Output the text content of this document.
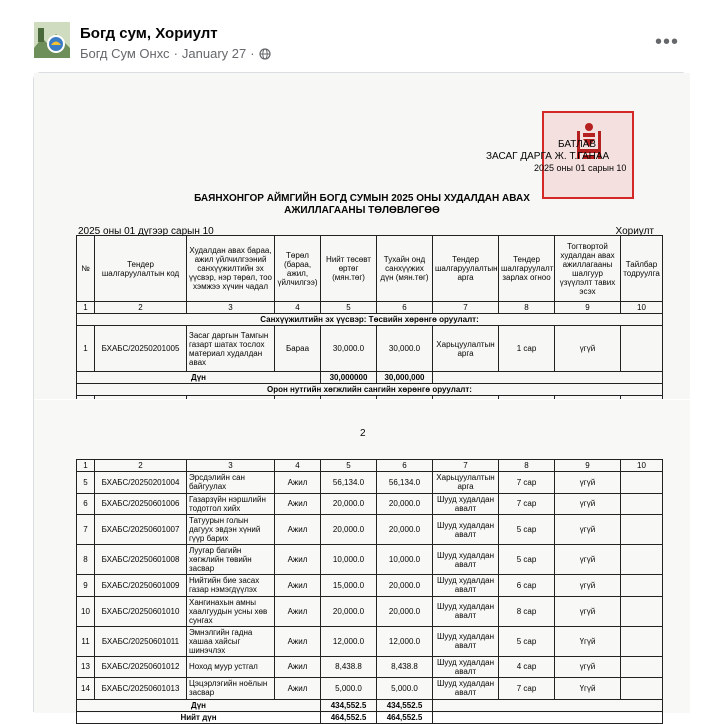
Богд сум, Хориулт
Богд Сум Онхс · January 27 ·
•••
БАТЛАВ
ЗАСАГ ДАРГА Ж. Т.ГАНАА
2025 оны 01 сарын 10
БАЯНХОНГОР АЙМГИЙН БОГД СУМЫН 2025 ОНЫ ХУДАЛДАН АВАХ
АЖИЛЛАГААНЫ ТӨЛӨВЛӨГӨӨ
2025 оны 01 дүгээр сарын 10	Хориулт
№	Тендер шалгаруулалтын код	Худалдан авах бараа, ажил үйлчилгээний санхүүжилтийн эх үүсвэр, нэр төрөл, тоо хэмжээ хүчин чадал	Төрөл (бараа, ажил, үйлчилгээ)	Нийт төсөвт өртөг (мян.төг)	Тухайн онд санхүүжих дүн (мян.төг)	Тендер шалгаруулалтын арга	Тендер шалгаруулалт зарлах огноо	Тогтвортой худалдан авах ажиллагааны шалгуур үзүүлэлт тавих эсэх	Тайлбар тодруулга
1	2	3	4	5	6	7	8	9	10
Санхүүжилтийн эх үүсвэр: Төсвийн хөрөнгө оруулалт:									
1	БХАБС/20250201005	Засаг даргын Тамгын газарт шатах тослох материал худалдан авах	Бараа	30,000.0	30,000.0	Харьцуулалтын арга	1 сар	үгүй	
Дүн				30,000000	30,000,000				
Орон нутгийн хөгжлийн сангийн хөрөнгө оруулалт:									

2
1	2	3	4	5	6	7	8	9	10
5	БХАБС/20250201004	Эрсдэлийн сан байгуулах	Ажил	56,134.0	56,134.0	Харьцуулалтын арга	7 сар	үгүй	
6	БХАБС/20250601006	Газарзүйн нэршлийн тодотгол хийх	Ажил	20,000.0	20,000.0	Шууд худалдан авалт	7 сар	үгүй	
7	БХАБС/20250601007	Татуурын голын дагуух эвдэн хүний гүүр барих	Ажил	20,000.0	20,000.0	Шууд худалдан авалт	5 сар	үгүй	
8	БХАБС/20250601008	Луугар багийн хөгжлийн төвийн засвар	Ажил	10,000.0	10,000.0	Шууд худалдан авалт	5 сар	үгүй	
9	БХАБС/20250601009	Нийтийн бие засах газар нэмэгдүүлэх	Ажил	15,000.0	20,000.0	Шууд худалдан авалт	6 сар	үгүй	
10	БХАБС/20250601010	Хангинахын амны хаалгуудын усны хөв сунгах	Ажил	20,000.0	20,000.0	Шууд худалдан авалт	8 сар	үгүй	
11	БХАБС/20250601011	Эмнэлгийн гадна хашаа хайсыг шинэчлэх	Ажил	12,000.0	12,000.0	Шууд худалдан авалт	5 сар	Үгүй	
13	БХАБС/20250601012	Ноход муур устгал	Ажил	8,438.8	8,438.8	Шууд худалдан авалт	4 сар	үгүй	
14	БХАБС/20250601013	Цэцэрлэгийн ноёлын засвар	Ажил	5,000.0	5,000.0	Шууд худалдан авалт	7 сар	Үгүй	
Дүн				434,552.5	434,552.5				
Нийт дүн				464,552.5	464,552.5				
